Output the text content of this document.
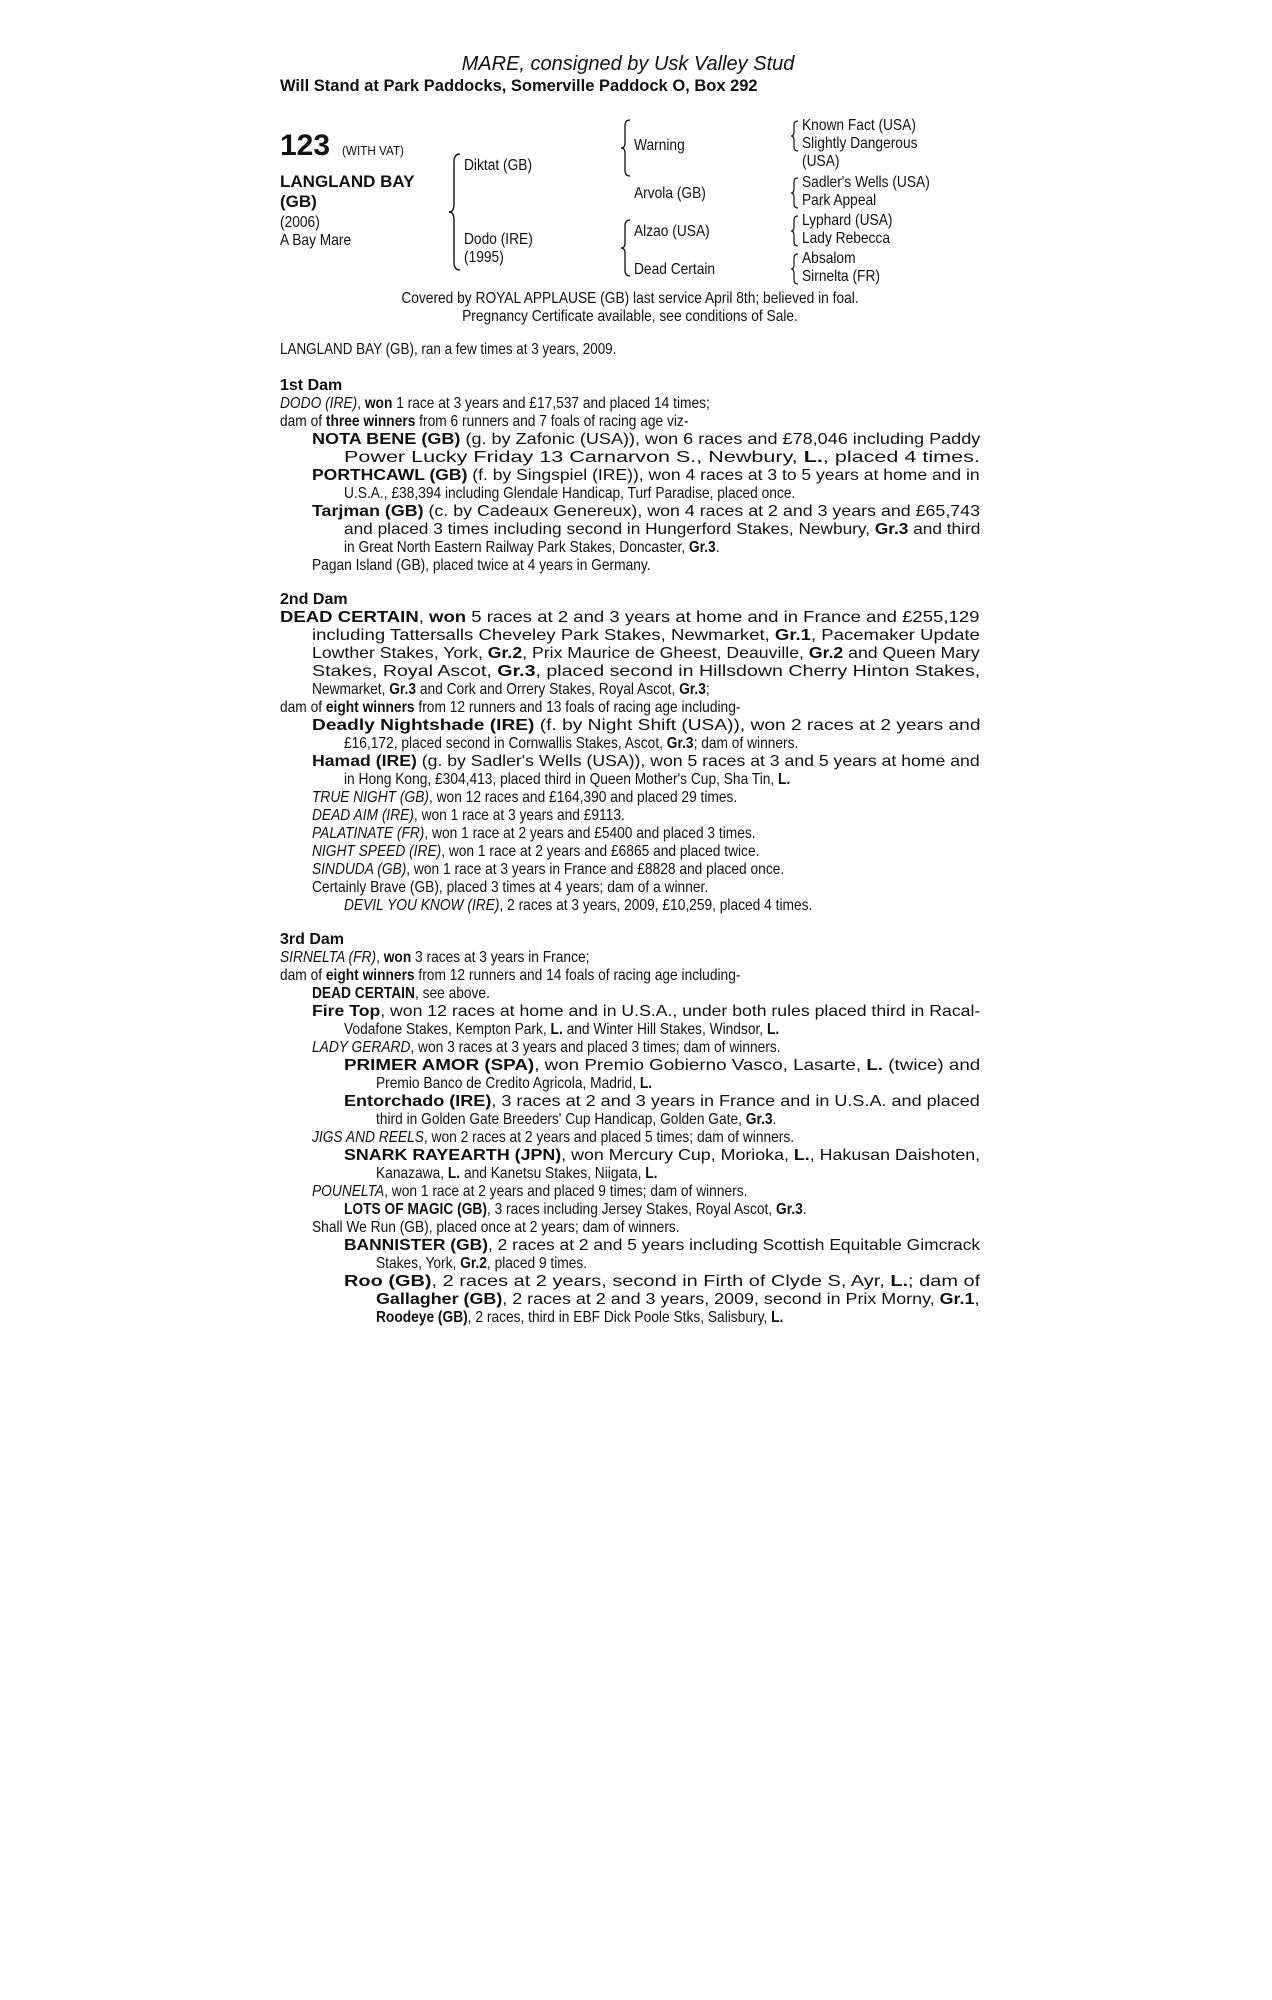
MARE, consigned by Usk Valley Stud
Will Stand at Park Paddocks, Somerville Paddock O, Box 292
123 (WITH VAT)
LANGLAND BAY
(GB)
(2006)
A Bay Mare
Diktat (GB)
Dodo (IRE)
(1995)
Warning
Arvola (GB)
Alzao (USA)
Dead Certain
Known Fact (USA)
Slightly Dangerous
(USA)
Sadler's Wells (USA)
Park Appeal
Lyphard (USA)
Lady Rebecca
Absalom
Sirnelta (FR)
Covered by ROYAL APPLAUSE (GB) last service April 8th; believed in foal.
Pregnancy Certificate available, see conditions of Sale.
LANGLAND BAY (GB), ran a few times at 3 years, 2009.
1st Dam
DODO (IRE), won 1 race at 3 years and £17,537 and placed 14 times;
dam of three winners from 6 runners and 7 foals of racing age viz-
NOTA BENE (GB) (g. by Zafonic (USA)), won 6 races and £78,046 including Paddy
Power Lucky Friday 13 Carnarvon S., Newbury, L., placed 4 times.
PORTHCAWL (GB) (f. by Singspiel (IRE)), won 4 races at 3 to 5 years at home and in
U.S.A., £38,394 including Glendale Handicap, Turf Paradise, placed once.
Tarjman (GB) (c. by Cadeaux Genereux), won 4 races at 2 and 3 years and £65,743
and placed 3 times including second in Hungerford Stakes, Newbury, Gr.3 and third
in Great North Eastern Railway Park Stakes, Doncaster, Gr.3.
Pagan Island (GB), placed twice at 4 years in Germany.
2nd Dam
DEAD CERTAIN, won 5 races at 2 and 3 years at home and in France and £255,129
including Tattersalls Cheveley Park Stakes, Newmarket, Gr.1, Pacemaker Update
Lowther Stakes, York, Gr.2, Prix Maurice de Gheest, Deauville, Gr.2 and Queen Mary
Stakes, Royal Ascot, Gr.3, placed second in Hillsdown Cherry Hinton Stakes,
Newmarket, Gr.3 and Cork and Orrery Stakes, Royal Ascot, Gr.3;
dam of eight winners from 12 runners and 13 foals of racing age including-
Deadly Nightshade (IRE) (f. by Night Shift (USA)), won 2 races at 2 years and
£16,172, placed second in Cornwallis Stakes, Ascot, Gr.3; dam of winners.
Hamad (IRE) (g. by Sadler's Wells (USA)), won 5 races at 3 and 5 years at home and
in Hong Kong, £304,413, placed third in Queen Mother's Cup, Sha Tin, L.
TRUE NIGHT (GB), won 12 races and £164,390 and placed 29 times.
DEAD AIM (IRE), won 1 race at 3 years and £9113.
PALATINATE (FR), won 1 race at 2 years and £5400 and placed 3 times.
NIGHT SPEED (IRE), won 1 race at 2 years and £6865 and placed twice.
SINDUDA (GB), won 1 race at 3 years in France and £8828 and placed once.
Certainly Brave (GB), placed 3 times at 4 years; dam of a winner.
DEVIL YOU KNOW (IRE), 2 races at 3 years, 2009, £10,259, placed 4 times.
3rd Dam
SIRNELTA (FR), won 3 races at 3 years in France;
dam of eight winners from 12 runners and 14 foals of racing age including-
DEAD CERTAIN, see above.
Fire Top, won 12 races at home and in U.S.A., under both rules placed third in Racal-
Vodafone Stakes, Kempton Park, L. and Winter Hill Stakes, Windsor, L.
LADY GERARD, won 3 races at 3 years and placed 3 times; dam of winners.
PRIMER AMOR (SPA), won Premio Gobierno Vasco, Lasarte, L. (twice) and
Premio Banco de Credito Agricola, Madrid, L.
Entorchado (IRE), 3 races at 2 and 3 years in France and in U.S.A. and placed
third in Golden Gate Breeders' Cup Handicap, Golden Gate, Gr.3.
JIGS AND REELS, won 2 races at 2 years and placed 5 times; dam of winners.
SNARK RAYEARTH (JPN), won Mercury Cup, Morioka, L., Hakusan Daishoten,
Kanazawa, L. and Kanetsu Stakes, Niigata, L.
POUNELTA, won 1 race at 2 years and placed 9 times; dam of winners.
LOTS OF MAGIC (GB), 3 races including Jersey Stakes, Royal Ascot, Gr.3.
Shall We Run (GB), placed once at 2 years; dam of winners.
BANNISTER (GB), 2 races at 2 and 5 years including Scottish Equitable Gimcrack
Stakes, York, Gr.2, placed 9 times.
Roo (GB), 2 races at 2 years, second in Firth of Clyde S, Ayr, L.; dam of
Gallagher (GB), 2 races at 2 and 3 years, 2009, second in Prix Morny, Gr.1,
Roodeye (GB), 2 races, third in EBF Dick Poole Stks, Salisbury, L.
